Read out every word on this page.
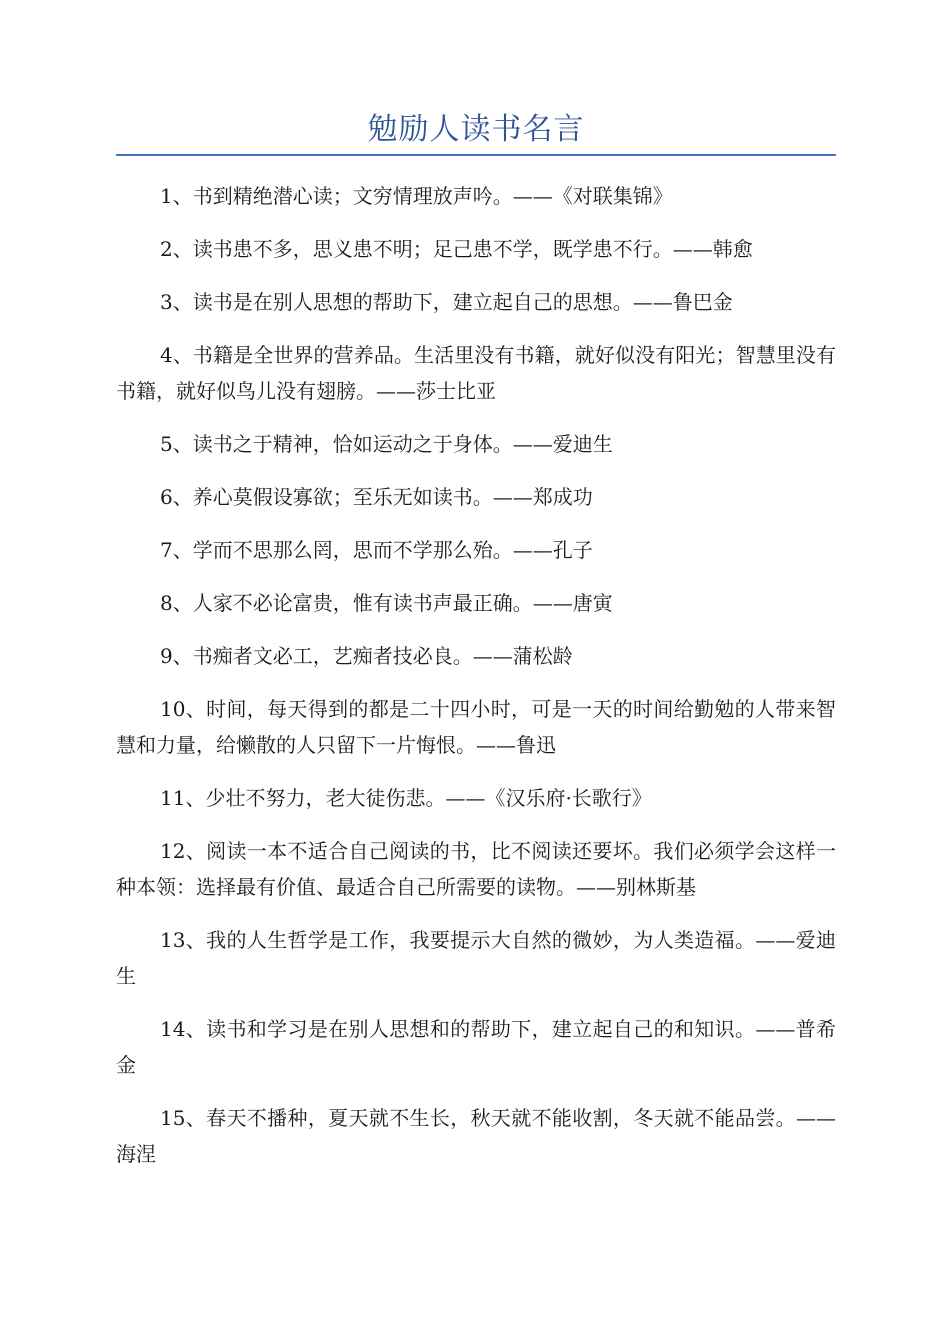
勉励人读书名言

1、书到精绝潜心读；文穷情理放声吟。——《对联集锦》

2、读书患不多，思义患不明；足己患不学，既学患不行。——韩愈

3、读书是在别人思想的帮助下，建立起自己的思想。——鲁巴金

4、书籍是全世界的营养品。生活里没有书籍，就好似没有阳光；智慧里没有书籍，就好似鸟儿没有翅膀。——莎士比亚

5、读书之于精神，恰如运动之于身体。——爱迪生

6、养心莫假设寡欲；至乐无如读书。——郑成功

7、学而不思那么罔，思而不学那么殆。——孔子

8、人家不必论富贵，惟有读书声最正确。——唐寅

9、书痴者文必工，艺痴者技必良。——蒲松龄

10、时间，每天得到的都是二十四小时，可是一天的时间给勤勉的人带来智慧和力量，给懒散的人只留下一片悔恨。——鲁迅

11、少壮不努力，老大徒伤悲。——《汉乐府·长歌行》

12、阅读一本不适合自己阅读的书，比不阅读还要坏。我们必须学会这样一种本领：选择最有价值、最适合自己所需要的读物。——别林斯基

13、我的人生哲学是工作，我要提示大自然的微妙，为人类造福。——爱迪生

14、读书和学习是在别人思想和的帮助下，建立起自己的和知识。——普希金

15、春天不播种，夏天就不生长，秋天就不能收割，冬天就不能品尝。——海涅
